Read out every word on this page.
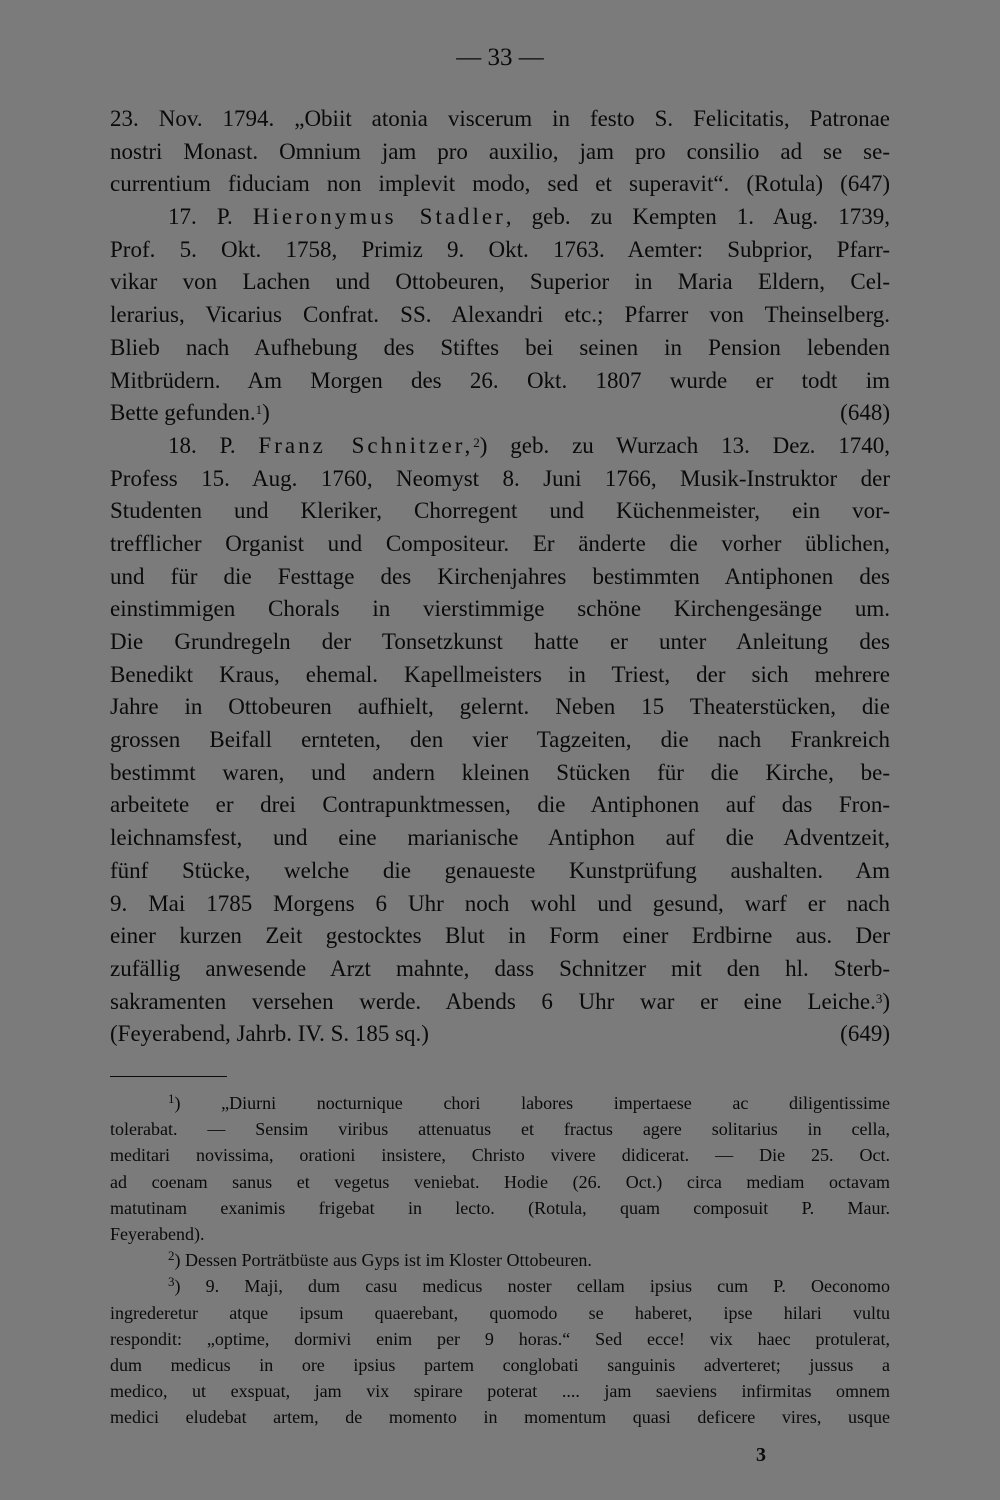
— 33 —
23. Nov. 1794. „Obiit atonia viscerum in festo S. Felicitatis, Patronae
nostri Monast. Omnium jam pro auxilio, jam pro consilio ad se se-
currentium fiduciam non implevit modo, sed et superavit“. (Rotula) (647)
17. P. Hieronymus Stadler, geb. zu Kempten 1. Aug. 1739,
Prof. 5. Okt. 1758, Primiz 9. Okt. 1763. Aemter: Subprior, Pfarr-
vikar von Lachen und Ottobeuren, Superior in Maria Eldern, Cel-
lerarius, Vicarius Confrat. SS. Alexandri etc.; Pfarrer von Theinselberg.
Blieb nach Aufhebung des Stiftes bei seinen in Pension lebenden
Mitbrüdern. Am Morgen des 26. Okt. 1807 wurde er todt im
Bette gefunden.$^1$)	(648)
18. P. Franz Schnitzer,$^2$) geb. zu Wurzach 13. Dez. 1740,
Profess 15. Aug. 1760, Neomyst 8. Juni 1766, Musik-Instruktor der
Studenten und Kleriker, Chorregent und Küchenmeister, ein vor-
trefflicher Organist und Compositeur. Er änderte die vorher üblichen,
und für die Festtage des Kirchenjahres bestimmten Antiphonen des
einstimmigen Chorals in vierstimmige schöne Kirchengesänge um.
Die Grundregeln der Tonsetzkunst hatte er unter Anleitung des
Benedikt Kraus, ehemal. Kapellmeisters in Triest, der sich mehrere
Jahre in Ottobeuren aufhielt, gelernt. Neben 15 Theaterstücken, die
grossen Beifall ernteten, den vier Tagzeiten, die nach Frankreich
bestimmt waren, und andern kleinen Stücken für die Kirche, be-
arbeitete er drei Contrapunktmessen, die Antiphonen auf das Fron-
leichnamsfest, und eine marianische Antiphon auf die Adventzeit,
fünf Stücke, welche die genaueste Kunstprüfung aushalten. Am
9. Mai 1785 Morgens 6 Uhr noch wohl und gesund, warf er nach
einer kurzen Zeit gestocktes Blut in Form einer Erdbirne aus. Der
zufällig anwesende Arzt mahnte, dass Schnitzer mit den hl. Sterb-
sakramenten versehen werde. Abends 6 Uhr war er eine Leiche.$^3$)
(Feyerabend, Jahrb. IV. S. 185 sq.)	(649)
$^1$) „Diurni nocturnique chori labores impertaese ac diligentissime
tolerabat. — Sensim viribus attenuatus et fractus agere solitarius in cella,
meditari novissima, orationi insistere, Christo vivere didicerat. — Die 25. Oct.
ad coenam sanus et vegetus veniebat. Hodie (26. Oct.) circa mediam octavam
matutinam exanimis frigebat in lecto. (Rotula, quam composuit P. Maur.
Feyerabend).
$^2$) Dessen Porträtbüste aus Gyps ist im Kloster Ottobeuren.
$^3$) 9. Maji, dum casu medicus noster cellam ipsius cum P. Oeconomo
ingrederetur atque ipsum quaerebant, quomodo se haberet, ipse hilari vultu
respondit: „optime, dormivi enim per 9 horas.“ Sed ecce! vix haec protulerat,
dum medicus in ore ipsius partem conglobati sanguinis adverteret; jussus a
medico, ut exspuat, jam vix spirare poterat .... jam saeviens infirmitas omnem
medici eludebat artem, de momento in momentum quasi deficere vires, usque
3
